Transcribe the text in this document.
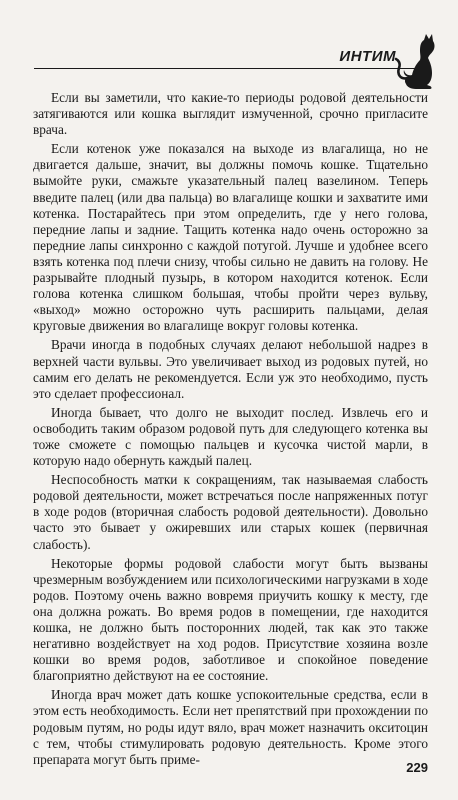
ИНТИМ

Если вы заметили, что какие-то периоды родовой деятельности затягиваются или кошка выглядит измученной, срочно пригласите врача.

Если котенок уже показался на выходе из влагалища, но не двигается дальше, значит, вы должны помочь кошке. Тщательно вымойте руки, смажьте указательный палец вазелином. Теперь введите палец (или два пальца) во влагалище кошки и захватите ими котенка. Постарайтесь при этом определить, где у него голова, передние лапы и задние. Тащить котенка надо очень осторожно за передние лапы синхронно с каждой потугой. Лучше и удобнее всего взять котенка под плечи снизу, чтобы сильно не давить на голову. Не разрывайте плодный пузырь, в котором находится котенок. Если голова котенка слишком большая, чтобы пройти через вульву, «выход» можно осторожно чуть расширить пальцами, делая круговые движения во влагалище вокруг головы котенка.

Врачи иногда в подобных случаях делают небольшой надрез в верхней части вульвы. Это увеличивает выход из родовых путей, но самим его делать не рекомендуется. Если уж это необходимо, пусть это сделает профессионал.

Иногда бывает, что долго не выходит послед. Извлечь его и освободить таким образом родовой путь для следующего котенка вы тоже сможете с помощью пальцев и кусочка чистой марли, в которую надо обернуть каждый палец.

Неспособность матки к сокращениям, так называемая слабость родовой деятельности, может встречаться после напряженных потуг в ходе родов (вторичная слабость родовой деятельности). Довольно часто это бывает у ожиревших или старых кошек (первичная слабость).

Некоторые формы родовой слабости могут быть вызваны чрезмерным возбуждением или психологическими нагрузками в ходе родов. Поэтому очень важно вовремя приучить кошку к месту, где она должна рожать. Во время родов в помещении, где находится кошка, не должно быть посторонних людей, так как это также негативно воздействует на ход родов. Присутствие хозяина возле кошки во время родов, заботливое и спокойное поведение благоприятно действуют на ее состояние.

Иногда врач может дать кошке успокоительные средства, если в этом есть необходимость. Если нет препятствий при прохождении по родовым путям, но роды идут вяло, врач может назначить окситоцин с тем, чтобы стимулировать родовую деятельность. Кроме этого препарата могут быть приме-

229
